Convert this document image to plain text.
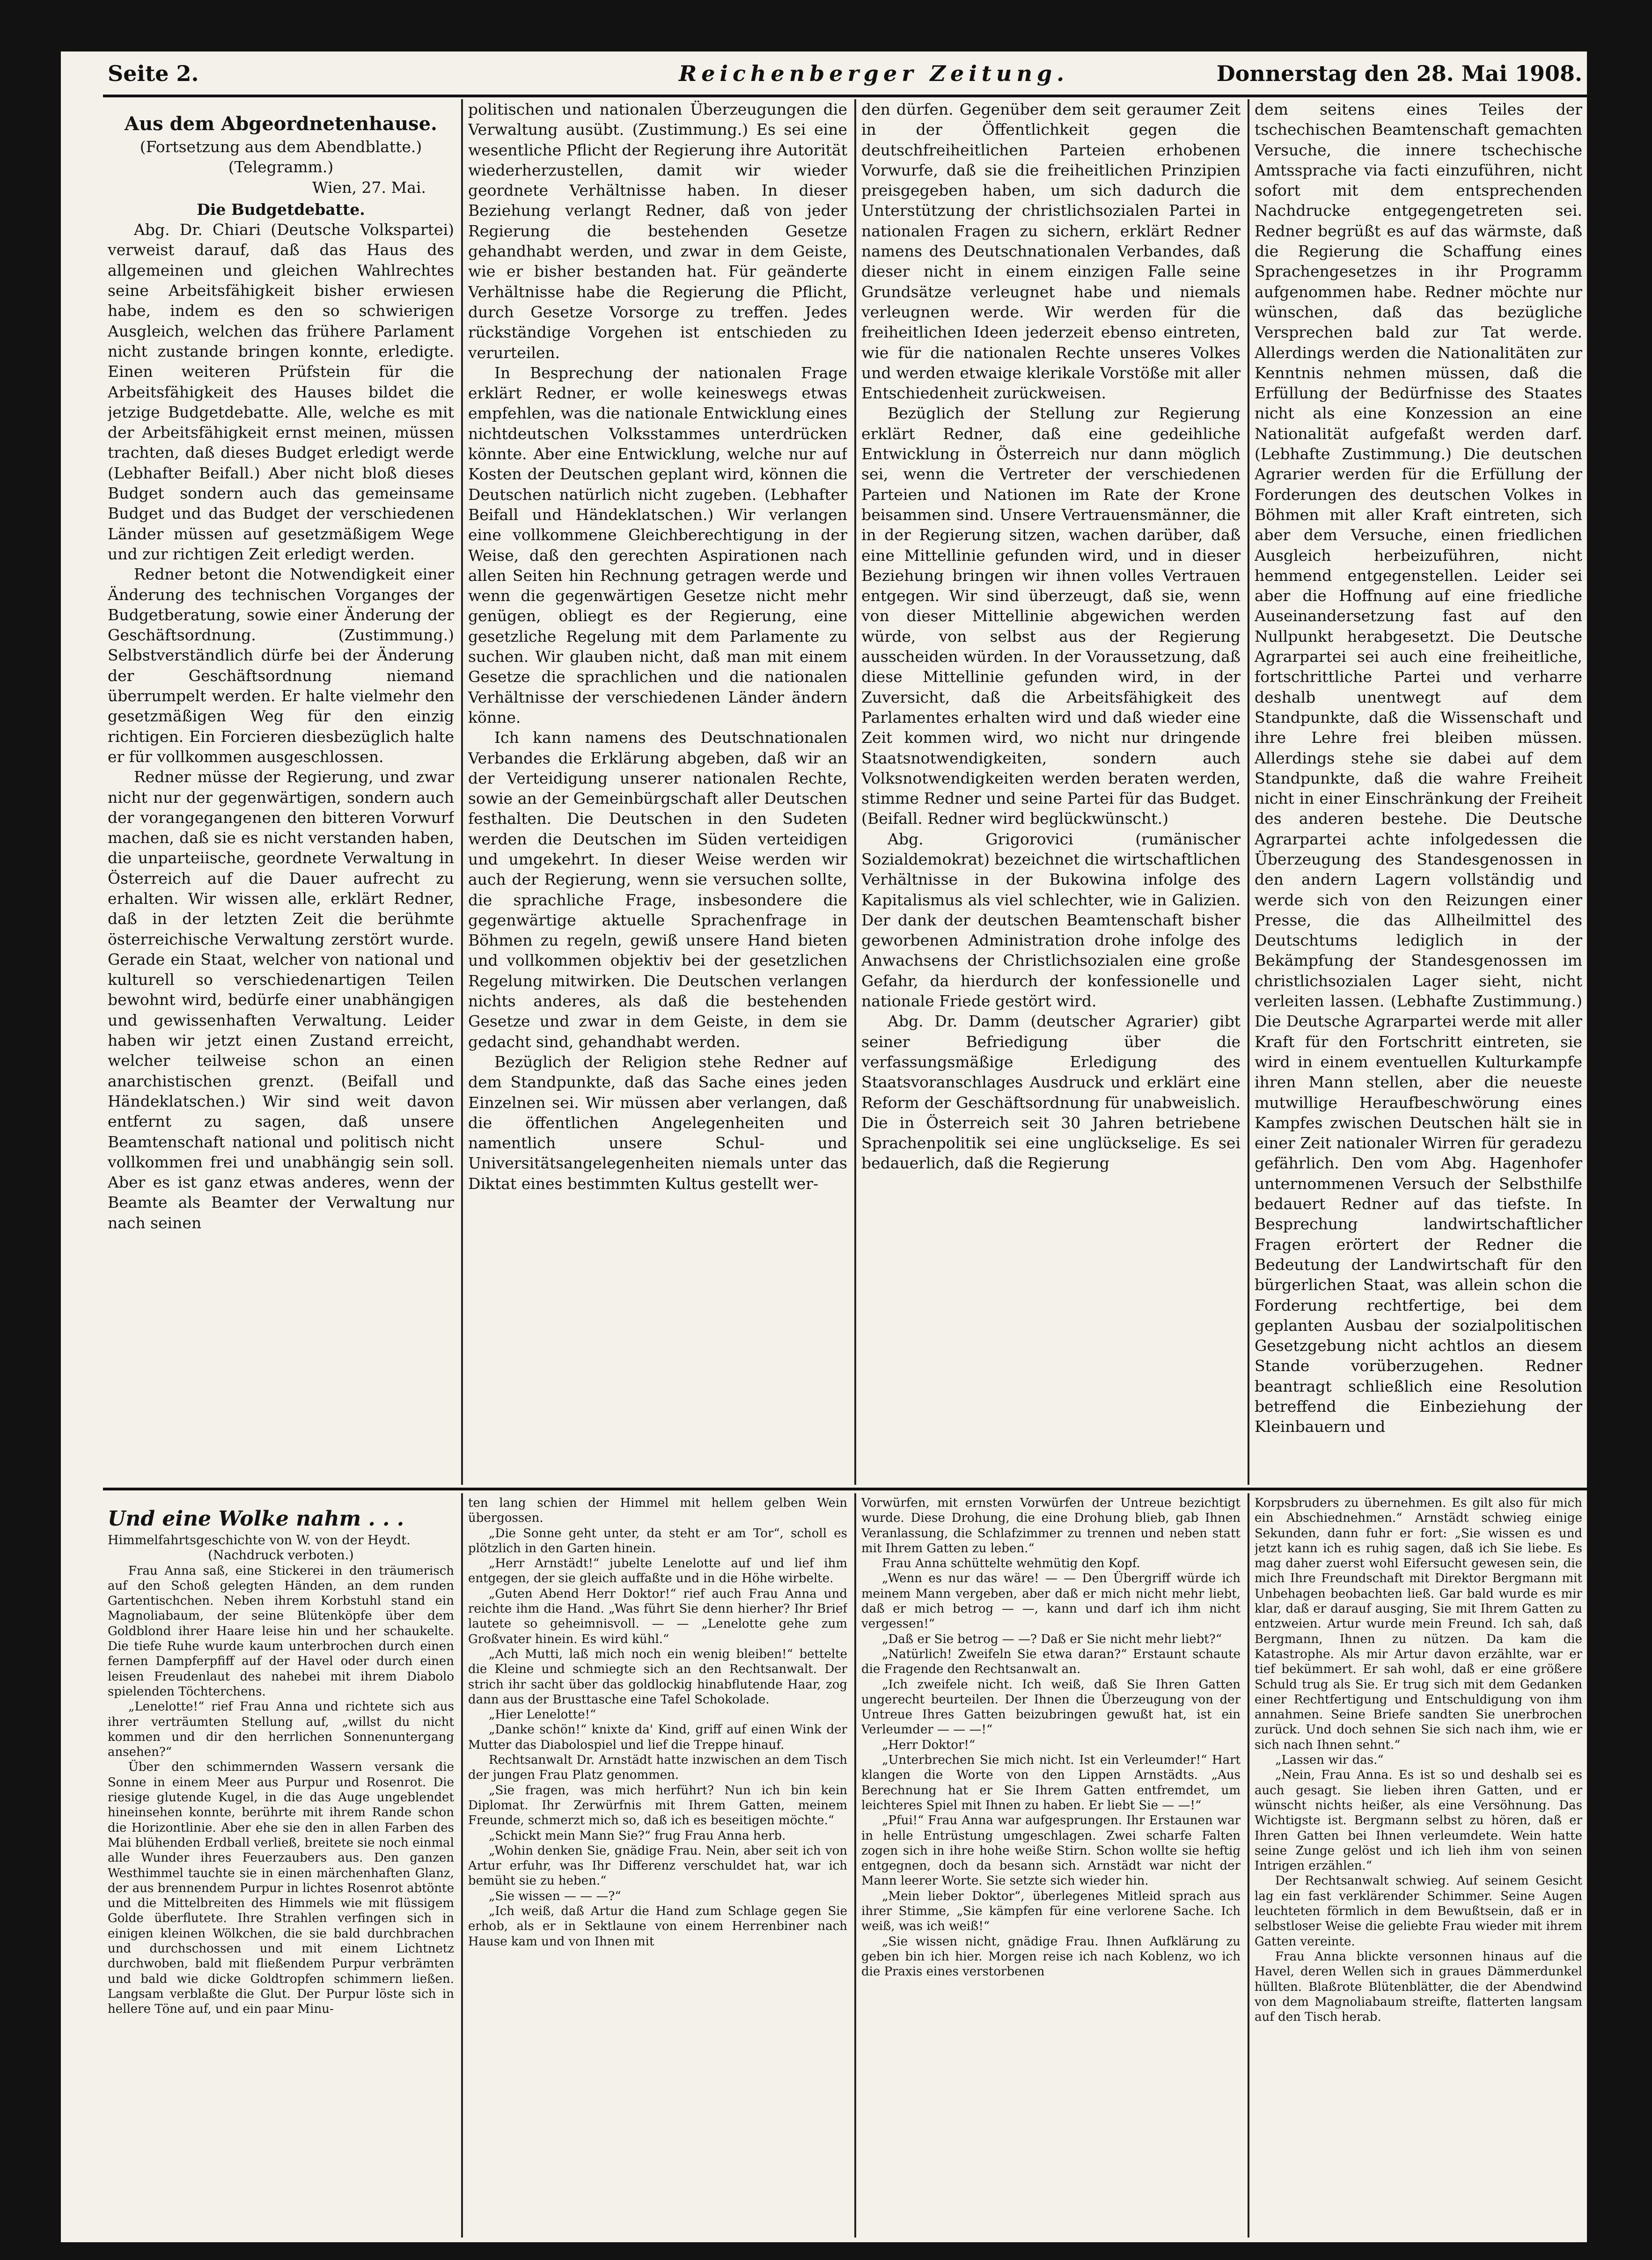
Seite 2.	Reichenberger Zeitung.	Donnerstag den 28. Mai 1908.
Aus dem Abgeordnetenhause.
(Fortsetzung aus dem Abendblatte.)
(Telegramm.)
Wien, 27. Mai.
Die Budgetdebatte.

Abg. Dr. Chiari (Deutsche Volkspartei) verweist darauf, daß das Haus des allgemeinen und gleichen Wahlrechtes seine Arbeitsfähigkeit bisher erwiesen habe, indem es den so schwierigen Ausgleich, welchen das frühere Parlament nicht zustande bringen konnte, erledigte. Einen weiteren Prüfstein für die Arbeitsfähigkeit des Hauses bildet die jetzige Budgetdebatte. Alle, welche es mit der Arbeitsfähigkeit ernst meinen, müssen trachten, daß dieses Budget erledigt werde (Lebhafter Beifall.) Aber nicht bloß dieses Budget sondern auch das gemeinsame Budget und das Budget der verschiedenen Länder müssen auf gesetzmäßigem Wege und zur richtigen Zeit erledigt werden.

Redner betont die Notwendigkeit einer Änderung des technischen Vorganges der Budgetberatung, sowie einer Änderung der Geschäftsordnung. (Zustimmung.) Selbstverständlich dürfe bei der Änderung der Geschäftsordnung niemand überrumpelt werden. Er halte vielmehr den gesetzmäßigen Weg für den einzig richtigen. Ein Forcieren diesbezüglich halte er für vollkommen ausgeschlossen.

Redner müsse der Regierung, und zwar nicht nur der gegenwärtigen, sondern auch der vorangegangenen den bitteren Vorwurf machen, daß sie es nicht verstanden haben, die unparteiische, geordnete Verwaltung in Österreich auf die Dauer aufrecht zu erhalten. Wir wissen alle, erklärt Redner, daß in der letzten Zeit die berühmte österreichische Verwaltung zerstört wurde. Gerade ein Staat, welcher von national und kulturell so verschiedenartigen Teilen bewohnt wird, bedürfe einer unabhängigen und gewissenhaften Verwaltung. Leider haben wir jetzt einen Zustand erreicht, welcher teilweise schon an einen anarchistischen grenzt. (Beifall und Händeklatschen.) Wir sind weit davon entfernt zu sagen, daß unsere Beamtenschaft national und politisch nicht vollkommen frei und unabhängig sein soll. Aber es ist ganz etwas anderes, wenn der Beamte als Beamter der Verwaltung nur nach seinen

politischen und nationalen Überzeugungen die Verwaltung ausübt. (Zustimmung.) Es sei eine wesentliche Pflicht der Regierung ihre Autorität wiederherzustellen, damit wir wieder geordnete Verhältnisse haben. In dieser Beziehung verlangt Redner, daß von jeder Regierung die bestehenden Gesetze gehandhabt werden, und zwar in dem Geiste, wie er bisher bestanden hat. Für geänderte Verhältnisse habe die Regierung die Pflicht, durch Gesetze Vorsorge zu treffen. Jedes rückständige Vorgehen ist entschieden zu verurteilen.

In Besprechung der nationalen Frage erklärt Redner, er wolle keineswegs etwas empfehlen, was die nationale Entwicklung eines nichtdeutschen Volksstammes unterdrücken könnte. Aber eine Entwicklung, welche nur auf Kosten der Deutschen geplant wird, können die Deutschen natürlich nicht zugeben. (Lebhafter Beifall und Händeklatschen.) Wir verlangen eine vollkommene Gleichberechtigung in der Weise, daß den gerechten Aspirationen nach allen Seiten hin Rechnung getragen werde und wenn die gegenwärtigen Gesetze nicht mehr genügen, obliegt es der Regierung, eine gesetzliche Regelung mit dem Parlamente zu suchen. Wir glauben nicht, daß man mit einem Gesetze die sprachlichen und die nationalen Verhältnisse der verschiedenen Länder ändern könne.

Ich kann namens des Deutschnationalen Verbandes die Erklärung abgeben, daß wir an der Verteidigung unserer nationalen Rechte, sowie an der Gemeinbürgschaft aller Deutschen festhalten. Die Deutschen in den Sudeten werden die Deutschen im Süden verteidigen und umgekehrt. In dieser Weise werden wir auch der Regierung, wenn sie versuchen sollte, die sprachliche Frage, insbesondere die gegenwärtige aktuelle Sprachenfrage in Böhmen zu regeln, gewiß unsere Hand bieten und vollkommen objektiv bei der gesetzlichen Regelung mitwirken. Die Deutschen verlangen nichts anderes, als daß die bestehenden Gesetze und zwar in dem Geiste, in dem sie gedacht sind, gehandhabt werden.

Bezüglich der Religion stehe Redner auf dem Standpunkte, daß das Sache eines jeden Einzelnen sei. Wir müssen aber verlangen, daß die öffentlichen Angelegenheiten und namentlich unsere Schul- und Universitätsangelegenheiten niemals unter das Diktat eines bestimmten Kultus gestellt wer-

den dürfen. Gegenüber dem seit geraumer Zeit in der Öffentlichkeit gegen die deutschfreiheitlichen Parteien erhobenen Vorwurfe, daß sie die freiheitlichen Prinzipien preisgegeben haben, um sich dadurch die Unterstützung der christlichsozialen Partei in nationalen Fragen zu sichern, erklärt Redner namens des Deutschnationalen Verbandes, daß dieser nicht in einem einzigen Falle seine Grundsätze verleugnet habe und niemals verleugnen werde. Wir werden für die freiheitlichen Ideen jederzeit ebenso eintreten, wie für die nationalen Rechte unseres Volkes und werden etwaige klerikale Vorstöße mit aller Entschiedenheit zurückweisen.

Bezüglich der Stellung zur Regierung erklärt Redner, daß eine gedeihliche Entwicklung in Österreich nur dann möglich sei, wenn die Vertreter der verschiedenen Parteien und Nationen im Rate der Krone beisammen sind. Unsere Vertrauensmänner, die in der Regierung sitzen, wachen darüber, daß eine Mittellinie gefunden wird, und in dieser Beziehung bringen wir ihnen volles Vertrauen entgegen. Wir sind überzeugt, daß sie, wenn von dieser Mittellinie abgewichen werden würde, von selbst aus der Regierung ausscheiden würden. In der Voraussetzung, daß diese Mittellinie gefunden wird, in der Zuversicht, daß die Arbeitsfähigkeit des Parlamentes erhalten wird und daß wieder eine Zeit kommen wird, wo nicht nur dringende Staatsnotwendigkeiten, sondern auch Volksnotwendigkeiten werden beraten werden, stimme Redner und seine Partei für das Budget. (Beifall. Redner wird beglückwünscht.)

Abg. Grigorovici (rumänischer Sozialdemokrat) bezeichnet die wirtschaftlichen Verhältnisse in der Bukowina infolge des Kapitalismus als viel schlechter, wie in Galizien. Der dank der deutschen Beamtenschaft bisher geworbenen Administration drohe infolge des Anwachsens der Christlichsozialen eine große Gefahr, da hierdurch der konfessionelle und nationale Friede gestört wird.

Abg. Dr. Damm (deutscher Agrarier) gibt seiner Befriedigung über die verfassungsmäßige Erledigung des Staatsvoranschlages Ausdruck und erklärt eine Reform der Geschäftsordnung für unabweislich. Die in Österreich seit 30 Jahren betriebene Sprachenpolitik sei eine unglückselige. Es sei bedauerlich, daß die Regierung

dem seitens eines Teiles der tschechischen Beamtenschaft gemachten Versuche, die innere tschechische Amtssprache via facti einzuführen, nicht sofort mit dem entsprechenden Nachdrucke entgegengetreten sei. Redner begrüßt es auf das wärmste, daß die Regierung die Schaffung eines Sprachengesetzes in ihr Programm aufgenommen habe. Redner möchte nur wünschen, daß das bezügliche Versprechen bald zur Tat werde. Allerdings werden die Nationalitäten zur Kenntnis nehmen müssen, daß die Erfüllung der Bedürfnisse des Staates nicht als eine Konzession an eine Nationalität aufgefaßt werden darf. (Lebhafte Zustimmung.) Die deutschen Agrarier werden für die Erfüllung der Forderungen des deutschen Volkes in Böhmen mit aller Kraft eintreten, sich aber dem Versuche, einen friedlichen Ausgleich herbeizuführen, nicht hemmend entgegenstellen. Leider sei aber die Hoffnung auf eine friedliche Auseinandersetzung fast auf den Nullpunkt herabgesetzt. Die Deutsche Agrarpartei sei auch eine freiheitliche, fortschrittliche Partei und verharre deshalb unentwegt auf dem Standpunkte, daß die Wissenschaft und ihre Lehre frei bleiben müssen. Allerdings stehe sie dabei auf dem Standpunkte, daß die wahre Freiheit nicht in einer Einschränkung der Freiheit des anderen bestehe. Die Deutsche Agrarpartei achte infolgedessen die Überzeugung des Standesgenossen in den andern Lagern vollständig und werde sich von den Reizungen einer Presse, die das Allheilmittel des Deutschtums lediglich in der Bekämpfung der Standesgenossen im christlichsozialen Lager sieht, nicht verleiten lassen. (Lebhafte Zustimmung.) Die Deutsche Agrarpartei werde mit aller Kraft für den Fortschritt eintreten, sie wird in einem eventuellen Kulturkampfe ihren Mann stellen, aber die neueste mutwillige Heraufbeschwörung eines Kampfes zwischen Deutschen hält sie in einer Zeit nationaler Wirren für geradezu gefährlich. Den vom Abg. Hagenhofer unternommenen Versuch der Selbsthilfe bedauert Redner auf das tiefste. In Besprechung landwirtschaftlicher Fragen erörtert der Redner die Bedeutung der Landwirtschaft für den bürgerlichen Staat, was allein schon die Forderung rechtfertige, bei dem geplanten Ausbau der sozialpolitischen Gesetzgebung nicht achtlos an diesem Stande vorüberzugehen. Redner beantragt schließlich eine Resolution betreffend die Einbeziehung der Kleinbauern und

Und eine Wolke nahm . . .
Himmelfahrtsgeschichte von W. von der Heydt.
(Nachdruck verboten.)

Frau Anna saß, eine Stickerei in den träumerisch auf den Schoß gelegten Händen, an dem runden Gartentischchen. Neben ihrem Korbstuhl stand ein Magnoliabaum, der seine Blütenköpfe über dem Goldblond ihrer Haare leise hin und her schaukelte. Die tiefe Ruhe wurde kaum unterbrochen durch einen fernen Dampferpfiff auf der Havel oder durch einen leisen Freudenlaut des nahebei mit ihrem Diabolo spielenden Töchterchens.

„Lenelotte!“ rief Frau Anna und richtete sich aus ihrer verträumten Stellung auf, „willst du nicht kommen und dir den herrlichen Sonnenuntergang ansehen?“

Über den schimmernden Wassern versank die Sonne in einem Meer aus Purpur und Rosenrot. Die riesige glutende Kugel, in die das Auge ungeblendet hineinsehen konnte, berührte mit ihrem Rande schon die Horizontlinie. Aber ehe sie den in allen Farben des Mai blühenden Erdball verließ, breitete sie noch einmal alle Wunder ihres Feuerzaubers aus. Den ganzen Westhimmel tauchte sie in einen märchenhaften Glanz, der aus brennendem Purpur in lichtes Rosenrot abtönte und die Mittelbreiten des Himmels wie mit flüssigem Golde überflutete. Ihre Strahlen verfingen sich in einigen kleinen Wölkchen, die sie bald durchbrachen und durchschossen und mit einem Lichtnetz durchwoben, bald mit fließendem Purpur verbrämten und bald wie dicke Goldtropfen schimmern ließen. Langsam verblaßte die Glut. Der Purpur löste sich in hellere Töne auf, und ein paar Minu-

ten lang schien der Himmel mit hellem gelben Wein übergossen.

„Die Sonne geht unter, da steht er am Tor“, scholl es plötzlich in den Garten hinein.

„Herr Arnstädt!“ jubelte Lenelotte auf und lief ihm entgegen, der sie gleich auffaßte und in die Höhe wirbelte.

„Guten Abend Herr Doktor!“ rief auch Frau Anna und reichte ihm die Hand. „Was führt Sie denn hierher? Ihr Brief lautete so geheimnisvoll. — — „Lenelotte gehe zum Großvater hinein. Es wird kühl.“

„Ach Mutti, laß mich noch ein wenig bleiben!“ bettelte die Kleine und schmiegte sich an den Rechtsanwalt. Der strich ihr sacht über das goldlockig hinabflutende Haar, zog dann aus der Brusttasche eine Tafel Schokolade.

„Hier Lenelotte!“

„Danke schön!“ knixte da' Kind, griff auf einen Wink der Mutter das Diabolospiel und lief die Treppe hinauf.

Rechtsanwalt Dr. Arnstädt hatte inzwischen an dem Tisch der jungen Frau Platz genommen.

„Sie fragen, was mich herführt? Nun ich bin kein Diplomat. Ihr Zerwürfnis mit Ihrem Gatten, meinem Freunde, schmerzt mich so, daß ich es beseitigen möchte.“

„Schickt mein Mann Sie?“ frug Frau Anna herb.

„Wohin denken Sie, gnädige Frau. Nein, aber seit ich von Artur erfuhr, was Ihr Differenz verschuldet hat, war ich bemüht sie zu heben.“

„Sie wissen — — —?“

„Ich weiß, daß Artur die Hand zum Schlage gegen Sie erhob, als er in Sektlaune von einem Herrenbiner nach Hause kam und von Ihnen mit

Vorwürfen, mit ernsten Vorwürfen der Untreue bezichtigt wurde. Diese Drohung, die eine Drohung blieb, gab Ihnen Veranlassung, die Schlafzimmer zu trennen und neben statt mit Ihrem Gatten zu leben.“

Frau Anna schüttelte wehmütig den Kopf.

„Wenn es nur das wäre! — — Den Übergriff würde ich meinem Mann vergeben, aber daß er mich nicht mehr liebt, daß er mich betrog — —, kann und darf ich ihm nicht vergessen!“

„Daß er Sie betrog — —? Daß er Sie nicht mehr liebt?“

„Natürlich! Zweifeln Sie etwa daran?“ Erstaunt schaute die Fragende den Rechtsanwalt an.

„Ich zweifele nicht. Ich weiß, daß Sie Ihren Gatten ungerecht beurteilen. Der Ihnen die Überzeugung von der Untreue Ihres Gatten beizubringen gewußt hat, ist ein Verleumder — — —!“

„Herr Doktor!“

„Unterbrechen Sie mich nicht. Ist ein Verleumder!“ Hart klangen die Worte von den Lippen Arnstädts. „Aus Berechnung hat er Sie Ihrem Gatten entfremdet, um leichteres Spiel mit Ihnen zu haben. Er liebt Sie — —!“

„Pfui!“ Frau Anna war aufgesprungen. Ihr Erstaunen war in helle Entrüstung umgeschlagen. Zwei scharfe Falten zogen sich in ihre hohe weiße Stirn. Schon wollte sie heftig entgegnen, doch da besann sich. Arnstädt war nicht der Mann leerer Worte. Sie setzte sich wieder hin.

„Mein lieber Doktor“, überlegenes Mitleid sprach aus ihrer Stimme, „Sie kämpfen für eine verlorene Sache. Ich weiß, was ich weiß!“

„Sie wissen nicht, gnädige Frau. Ihnen Aufklärung zu geben bin ich hier. Morgen reise ich nach Koblenz, wo ich die Praxis eines verstorbenen

Korpsbruders zu übernehmen. Es gilt also für mich ein Abschiednehmen.“ Arnstädt schwieg einige Sekunden, dann fuhr er fort: „Sie wissen es und jetzt kann ich es ruhig sagen, daß ich Sie liebe. Es mag daher zuerst wohl Eifersucht gewesen sein, die mich Ihre Freundschaft mit Direktor Bergmann mit Unbehagen beobachten ließ. Gar bald wurde es mir klar, daß er darauf ausging, Sie mit Ihrem Gatten zu entzweien. Artur wurde mein Freund. Ich sah, daß Bergmann, Ihnen zu nützen. Da kam die Katastrophe. Als mir Artur davon erzählte, war er tief bekümmert. Er sah wohl, daß er eine größere Schuld trug als Sie. Er trug sich mit dem Gedanken einer Rechtfertigung und Entschuldigung von ihm annahmen. Seine Briefe sandten Sie unerbrochen zurück. Und doch sehnen Sie sich nach ihm, wie er sich nach Ihnen sehnt.“

„Lassen wir das.“

„Nein, Frau Anna. Es ist so und deshalb sei es auch gesagt. Sie lieben ihren Gatten, und er wünscht nichts heißer, als eine Versöhnung. Das Wichtigste ist. Bergmann selbst zu hören, daß er Ihren Gatten bei Ihnen verleumdete. Wein hatte seine Zunge gelöst und ich lieh ihm von seinen Intrigen erzählen.“

Der Rechtsanwalt schwieg. Auf seinem Gesicht lag ein fast verklärender Schimmer. Seine Augen leuchteten förmlich in dem Bewußtsein, daß er in selbstloser Weise die geliebte Frau wieder mit ihrem Gatten vereinte.

Frau Anna blickte versonnen hinaus auf die Havel, deren Wellen sich in graues Dämmerdunkel hüllten. Blaßrote Blütenblätter, die der Abendwind von dem Magnoliabaum streifte, flatterten langsam auf den Tisch herab.
